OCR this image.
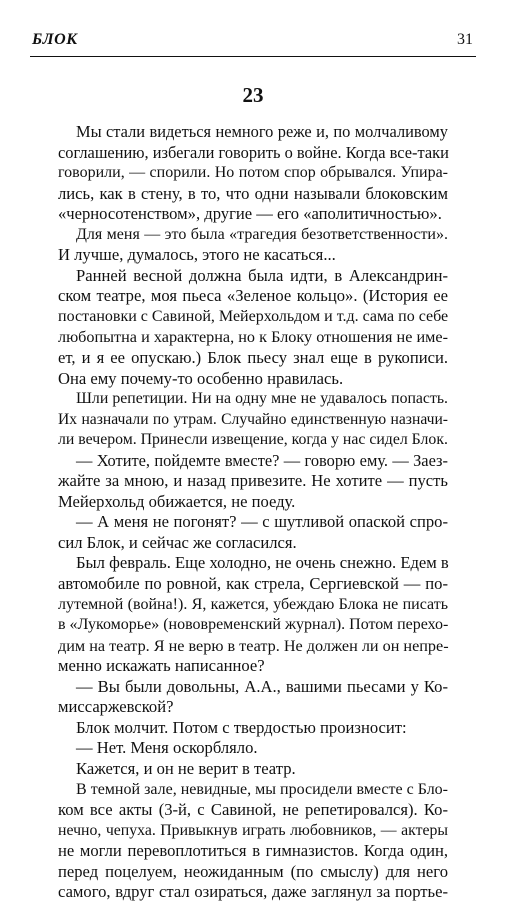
БЛОК	31
23
Мы стали видеться немного реже и, по молчаливому
соглашению, избегали говорить о войне. Когда все-таки
говорили, — спорили. Но потом спор обрывался. Упира-
лись, как в стену, в то, что одни называли блоковским
«черносотенством», другие — его «аполитичностью».
Для меня — это была «трагедия безответственности».
И лучше, думалось, этого не касаться...
Ранней весной должна была идти, в Александрин-
ском театре, моя пьеса «Зеленое кольцо». (История ее
постановки с Савиной, Мейерхольдом и т.д. сама по себе
любопытна и характерна, но к Блоку отношения не име-
ет, и я ее опускаю.) Блок пьесу знал еще в рукописи.
Она ему почему-то особенно нравилась.
Шли репетиции. Ни на одну мне не удавалось попасть.
Их назначали по утрам. Случайно единственную назначи-
ли вечером. Принесли извещение, когда у нас сидел Блок.
— Хотите, пойдемте вместе? — говорю ему. — Заез-
жайте за мною, и назад привезите. Не хотите — пусть
Мейерхольд обижается, не поеду.
— А меня не погонят? — с шутливой опаской спро-
сил Блок, и сейчас же согласился.
Был февраль. Еще холодно, не очень снежно. Едем в
автомобиле по ровной, как стрела, Сергиевской — по-
лутемной (война!). Я, кажется, убеждаю Блока не писать
в «Лукоморье» (нововременский журнал). Потом перехо-
дим на театр. Я не верю в театр. Не должен ли он непре-
менно искажать написанное?
— Вы были довольны, А.А., вашими пьесами у Ко-
миссаржевской?
Блок молчит. Потом с твердостью произносит:
— Нет. Меня оскорбляло.
Кажется, и он не верит в театр.
В темной зале, невидные, мы просидели вместе с Бло-
ком все акты (3-й, с Савиной, не репетировался). Ко-
нечно, чепуха. Привыкнув играть любовников, — актеры
не могли перевоплотиться в гимназистов. Когда один,
перед поцелуем, неожиданным (по смыслу) для него
самого, вдруг стал озираться, даже заглянул за портье-
